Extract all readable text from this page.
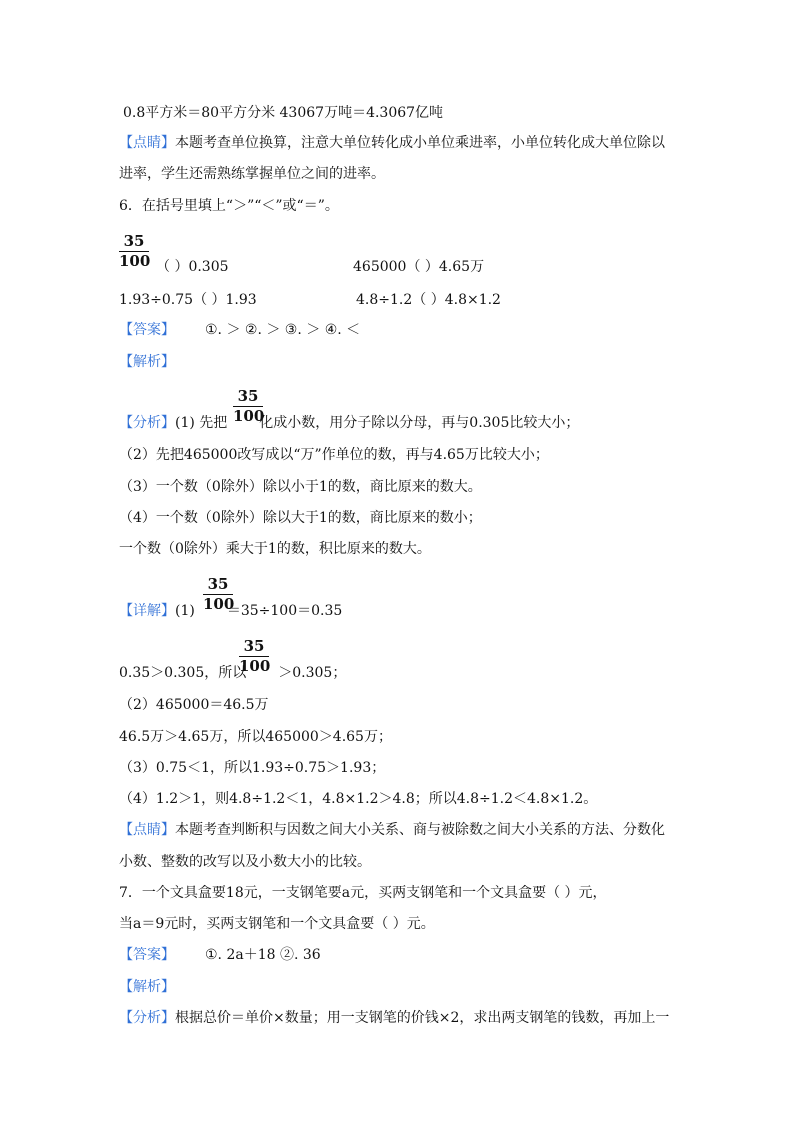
0.8平方米＝80平方分米 43067万吨＝4.3067亿吨
【点睛】本题考查单位换算，注意大单位转化成小单位乘进率，小单位转化成大单位除以
进率，学生还需熟练掌握单位之间的进率。
6．在括号里填上“＞”“＜”或“＝”。
35
100 （ ）0.305	465000（ ）4.65万
1.93÷0.75（ ）1.93	4.8÷1.2（ ）4.8×1.2
【答案】 ①. ＞ ②. ＞ ③. ＞ ④. ＜
【解析】
35
100
【分析】(1) 先把 化成小数，用分子除以分母，再与0.305比较大小；
（2）先把465000改写成以“万”作单位的数，再与4.65万比较大小；
（3）一个数（0除外）除以小于1的数，商比原来的数大。
（4）一个数（0除外）除以大于1的数，商比原来的数小；
一个数（0除外）乘大于1的数，积比原来的数大。
35
100
【详解】(1) ＝35÷100＝0.35
35
100
0.35＞0.305，所以 ＞0.305；
（2）465000＝46.5万
46.5万＞4.65万，所以465000＞4.65万；
（3）0.75＜1，所以1.93÷0.75＞1.93；
（4）1.2＞1，则4.8÷1.2＜1，4.8×1.2＞4.8；所以4.8÷1.2＜4.8×1.2。
【点睛】本题考查判断积与因数之间大小关系、商与被除数之间大小关系的方法、分数化
小数、整数的改写以及小数大小的比较。
7．一个文具盒要18元，一支钢笔要a元，买两支钢笔和一个文具盒要（ ）元，
当a＝9元时，买两支钢笔和一个文具盒要（ ）元。
【答案】 ①. 2a＋18 ②. 36
【解析】
【分析】根据总价＝单价×数量；用一支钢笔的价钱×2，求出两支钢笔的钱数，再加上一
